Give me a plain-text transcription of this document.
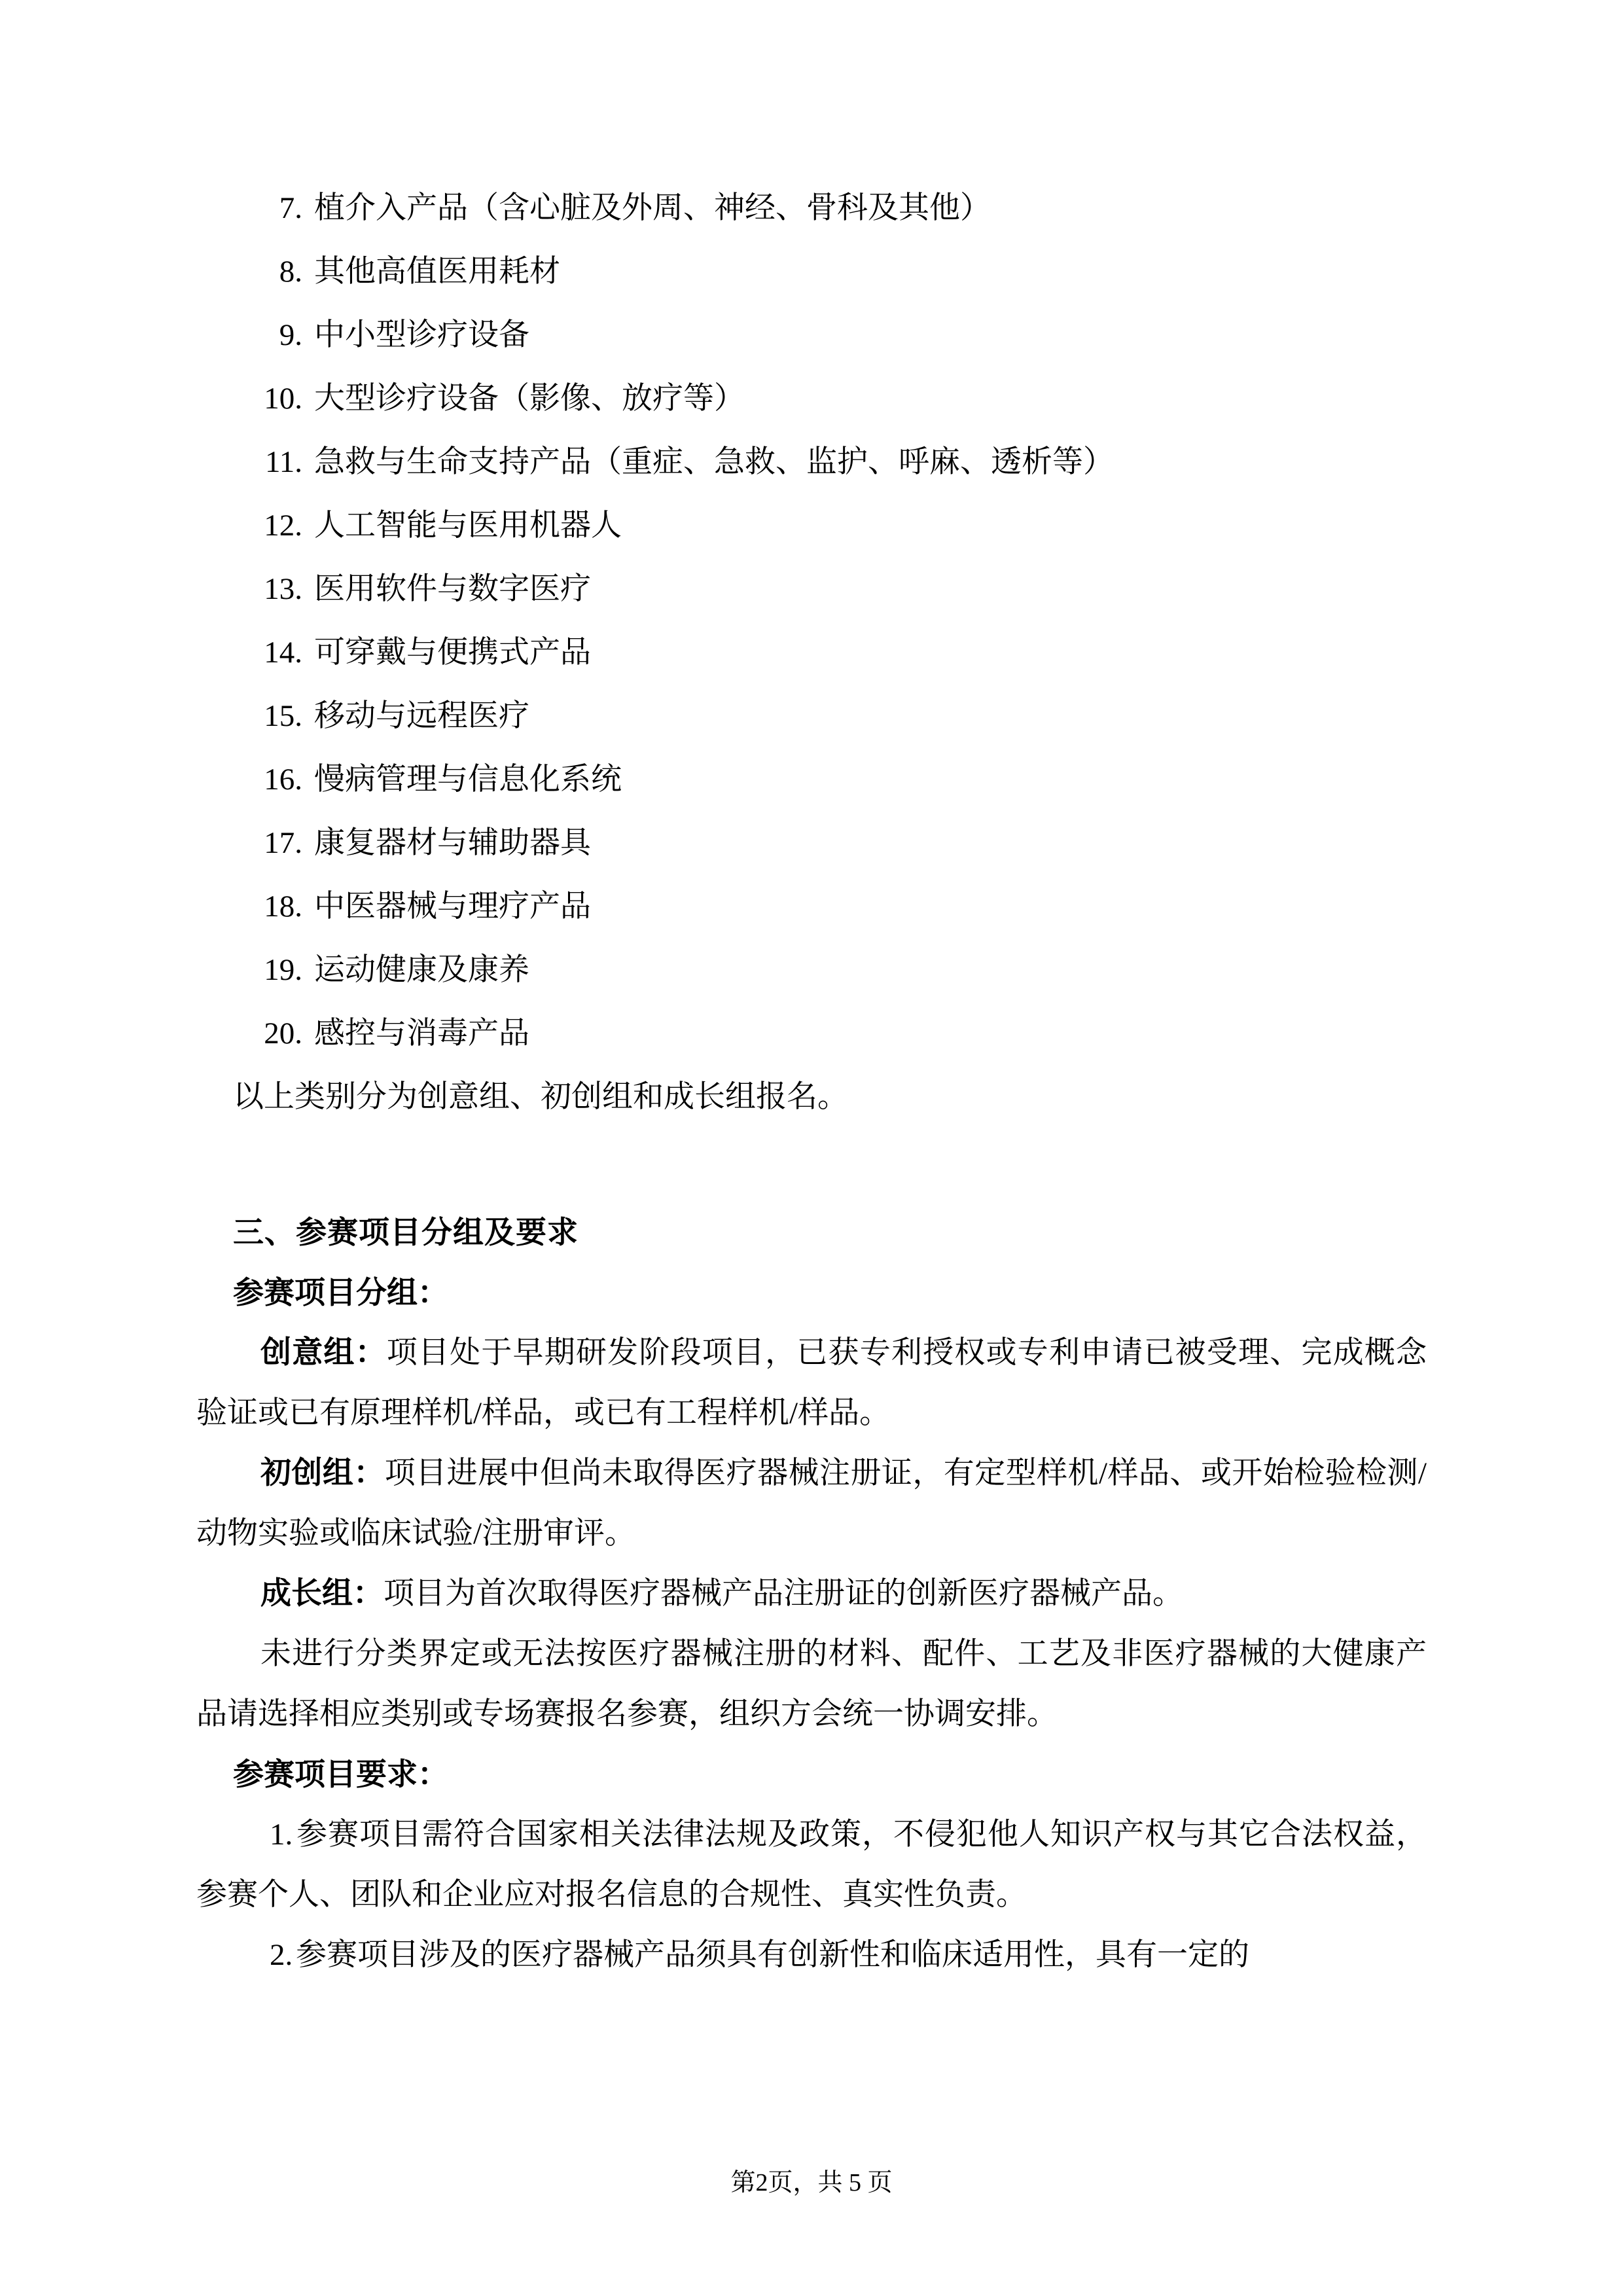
7. 植介入产品（含心脏及外周、神经、骨科及其他）
8. 其他高值医用耗材
9. 中小型诊疗设备
10. 大型诊疗设备（影像、放疗等）
11. 急救与生命支持产品（重症、急救、监护、呼麻、透析等）
12. 人工智能与医用机器人
13. 医用软件与数字医疗
14. 可穿戴与便携式产品
15. 移动与远程医疗
16. 慢病管理与信息化系统
17. 康复器材与辅助器具
18. 中医器械与理疗产品
19. 运动健康及康养
20. 感控与消毒产品
以上类别分为创意组、初创组和成长组报名。
三、参赛项目分组及要求
参赛项目分组：

创意组：项目处于早期研发阶段项目，已获专利授权或专利申请已被受理、完成概念验证或已有原理样机/样品，或已有工程样机/样品。

初创组：项目进展中但尚未取得医疗器械注册证，有定型样机/样品、或开始检验检测/动物实验或临床试验/注册审评。

成长组：项目为首次取得医疗器械产品注册证的创新医疗器械产品。

未进行分类界定或无法按医疗器械注册的材料、配件、工艺及非医疗器械的大健康产品请选择相应类别或专场赛报名参赛，组织方会统一协调安排。

参赛项目要求：

1. 参赛项目需符合国家相关法律法规及政策，不侵犯他人知识产权与其它合法权益，参赛个人、团队和企业应对报名信息的合规性、真实性负责。

2. 参赛项目涉及的医疗器械产品须具有创新性和临床适用性，具有一定的

第2页，共 5 页
